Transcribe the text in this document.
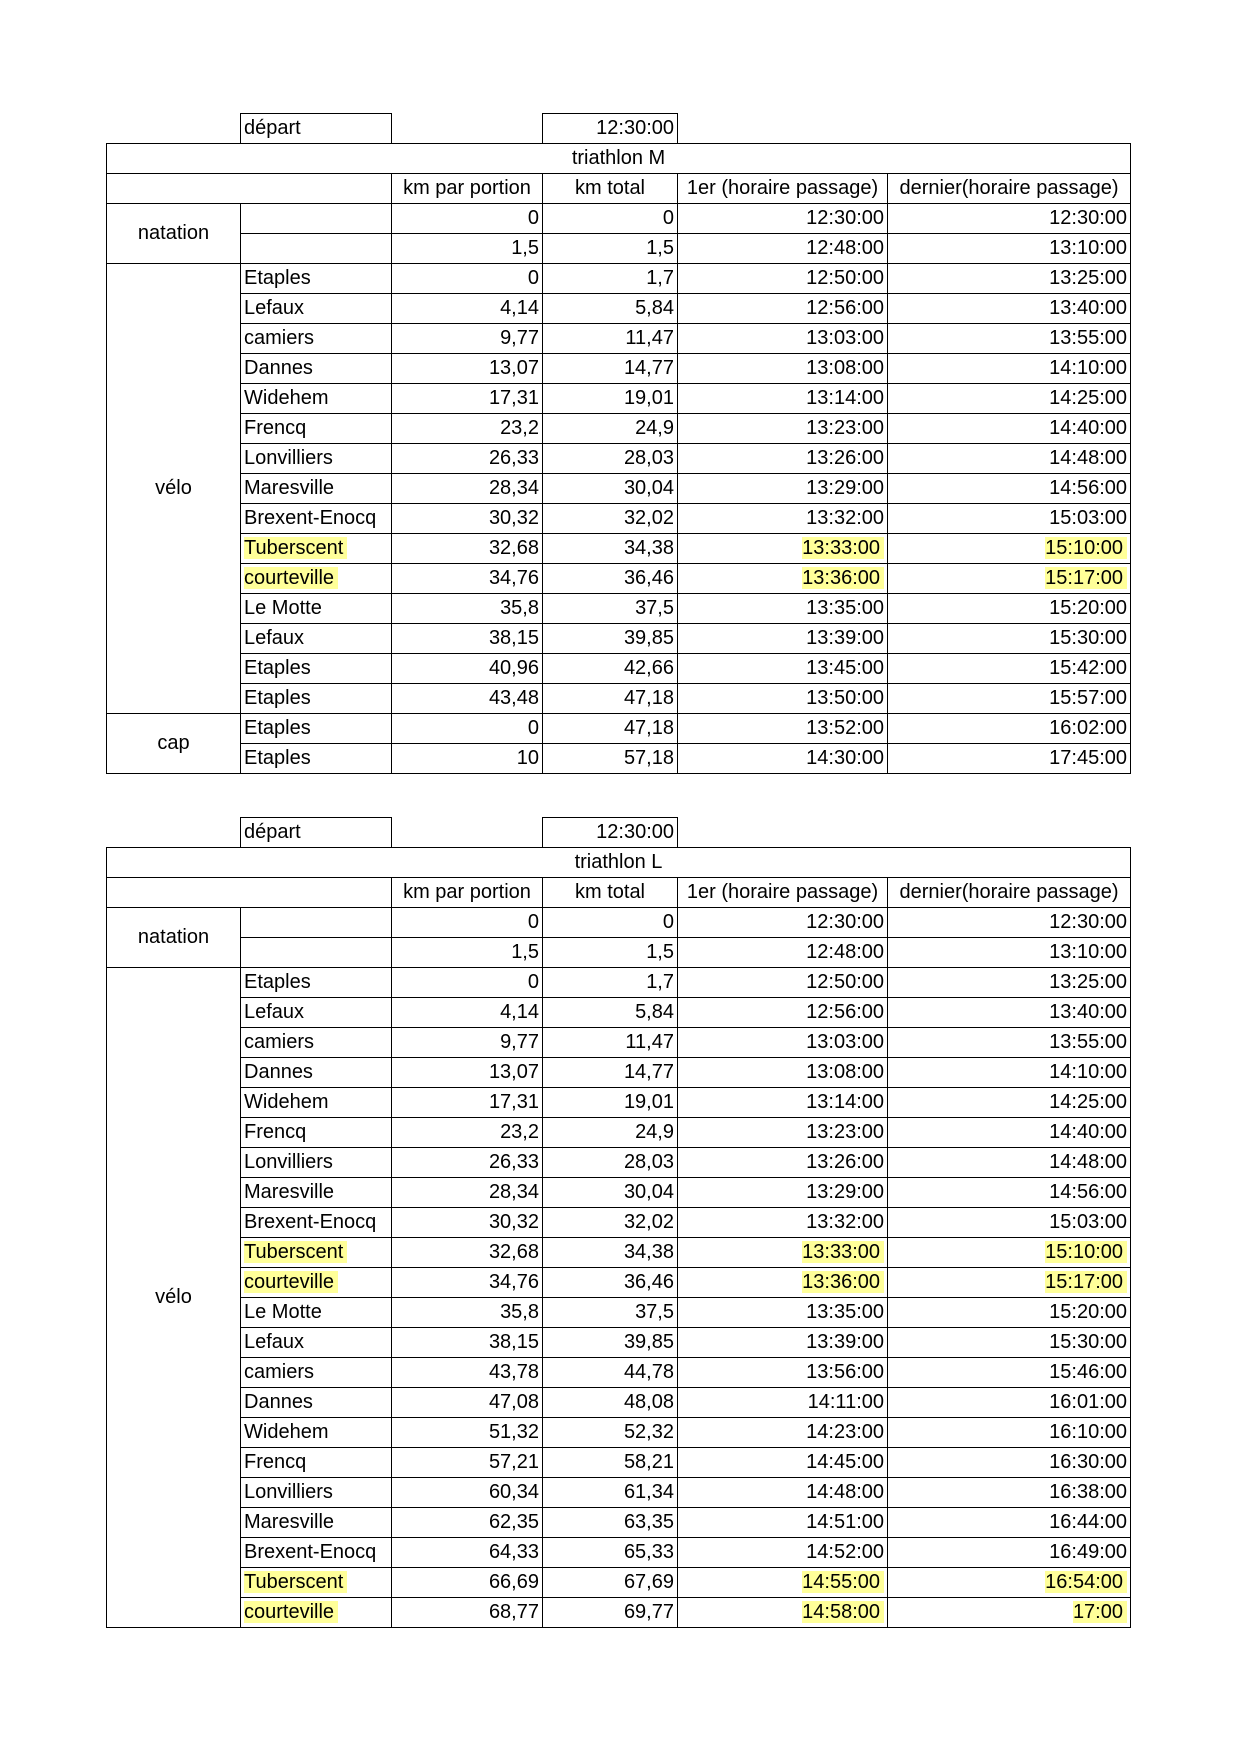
	départ		12:30:00		
triathlon M					
		km par portion	km total	1er (horaire passage)	dernier(horaire passage)
natation		0	0	12:30:00	12:30:00
		1,5	1,5	12:48:00	13:10:00
vélo	Etaples	0	1,7	12:50:00	13:25:00
	Lefaux	4,14	5,84	12:56:00	13:40:00
	camiers	9,77	11,47	13:03:00	13:55:00
	Dannes	13,07	14,77	13:08:00	14:10:00
	Widehem	17,31	19,01	13:14:00	14:25:00
	Frencq	23,2	24,9	13:23:00	14:40:00
	Lonvilliers	26,33	28,03	13:26:00	14:48:00
	Maresville	28,34	30,04	13:29:00	14:56:00
	Brexent-Enocq	30,32	32,02	13:32:00	15:03:00
	Tuberscent	32,68	34,38	13:33:00	15:10:00
	courteville	34,76	36,46	13:36:00	15:17:00
	Le Motte	35,8	37,5	13:35:00	15:20:00
	Lefaux	38,15	39,85	13:39:00	15:30:00
	Etaples	40,96	42,66	13:45:00	15:42:00
	Etaples	43,48	47,18	13:50:00	15:57:00
cap	Etaples	0	47,18	13:52:00	16:02:00
	Etaples	10	57,18	14:30:00	17:45:00
	départ		12:30:00		
triathlon L					
		km par portion	km total	1er (horaire passage)	dernier(horaire passage)
natation		0	0	12:30:00	12:30:00
		1,5	1,5	12:48:00	13:10:00
vélo	Etaples	0	1,7	12:50:00	13:25:00
	Lefaux	4,14	5,84	12:56:00	13:40:00
	camiers	9,77	11,47	13:03:00	13:55:00
	Dannes	13,07	14,77	13:08:00	14:10:00
	Widehem	17,31	19,01	13:14:00	14:25:00
	Frencq	23,2	24,9	13:23:00	14:40:00
	Lonvilliers	26,33	28,03	13:26:00	14:48:00
	Maresville	28,34	30,04	13:29:00	14:56:00
	Brexent-Enocq	30,32	32,02	13:32:00	15:03:00
	Tuberscent	32,68	34,38	13:33:00	15:10:00
	courteville	34,76	36,46	13:36:00	15:17:00
	Le Motte	35,8	37,5	13:35:00	15:20:00
	Lefaux	38,15	39,85	13:39:00	15:30:00
	camiers	43,78	44,78	13:56:00	15:46:00
	Dannes	47,08	48,08	14:11:00	16:01:00
	Widehem	51,32	52,32	14:23:00	16:10:00
	Frencq	57,21	58,21	14:45:00	16:30:00
	Lonvilliers	60,34	61,34	14:48:00	16:38:00
	Maresville	62,35	63,35	14:51:00	16:44:00
	Brexent-Enocq	64,33	65,33	14:52:00	16:49:00
	Tuberscent	66,69	67,69	14:55:00	16:54:00
	courteville	68,77	69,77	14:58:00	17:00
